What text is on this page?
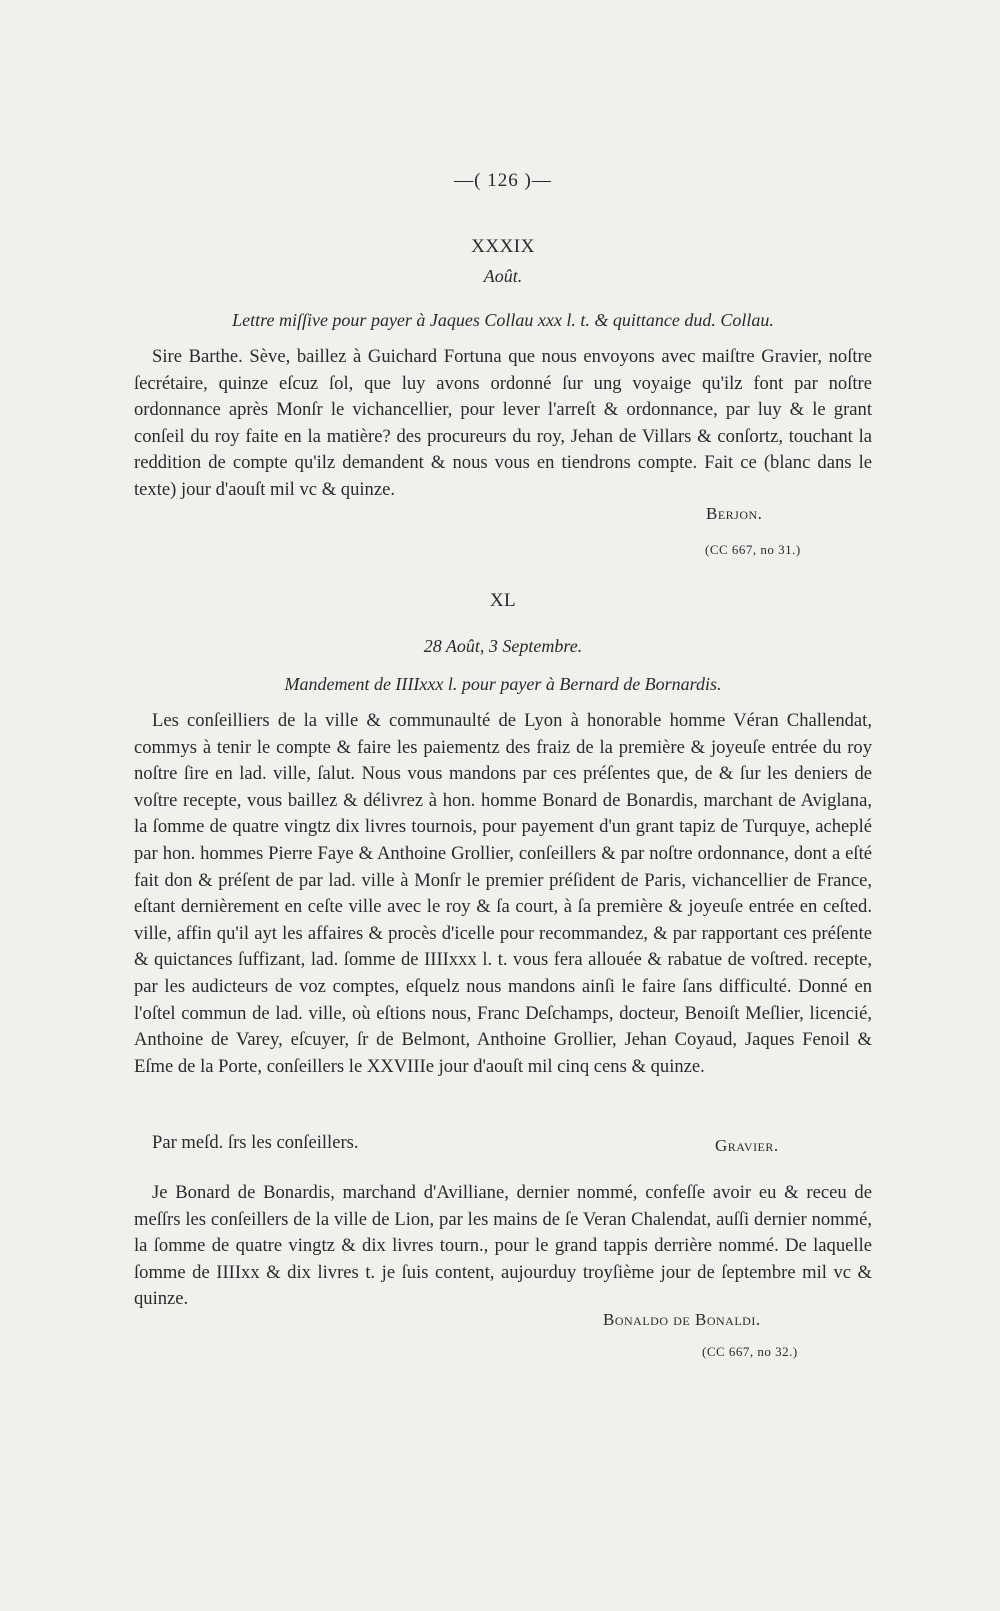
—( 126 )—
XXXIX
Août.
Lettre miſſive pour payer à Jaques Collau xxx l. t. & quittance dud. Collau.

Sire Barthe. Sève, baillez à Guichard Fortuna que nous envoyons avec maiſtre Gravier, noſtre ſecrétaire, quinze eſcuz ſol, que luy avons ordonné ſur ung voyaige qu'ilz font par noſtre ordonnance après Monſr le vichancellier, pour lever l'arreſt & ordonnance, par luy & le grant conſeil du roy faite en la matière? des procureurs du roy, Jehan de Villars & conſortz, touchant la reddition de compte qu'ilz demandent & nous vous en tiendrons compte. Fait ce (blanc dans le texte) jour d'aouſt mil vc & quinze.

Berjon.
(CC 667, no 31.)
XL
28 Août, 3 Septembre.
Mandement de IIIIxxx l. pour payer à Bernard de Bornardis.

Les conſeilliers de la ville & communaulté de Lyon à honorable homme Véran Challendat, commys à tenir le compte & faire les paiementz des fraiz de la première & joyeuſe entrée du roy noſtre ſire en lad. ville, ſalut. Nous vous mandons par ces préſentes que, de & ſur les deniers de voſtre recepte, vous baillez & délivrez à hon. homme Bonard de Bonardis, marchant de Aviglana, la ſomme de quatre vingtz dix livres tournois, pour payement d'un grant tapiz de Turquye, acheplé par hon. hommes Pierre Faye & Anthoine Grollier, conſeillers & par noſtre ordonnance, dont a eſté fait don & préſent de par lad. ville à Monſr le premier préſident de Paris, vichancellier de France, eſtant dernièrement en ceſte ville avec le roy & ſa court, à ſa première & joyeuſe entrée en ceſted. ville, affin qu'il ayt les affaires & procès d'icelle pour recommandez, & par rapportant ces préſente & quictances ſuffizant, lad. ſomme de IIIIxxx l. t. vous fera allouée & rabatue de voſtred. recepte, par les audicteurs de voz comptes, eſquelz nous mandons ainſi le faire ſans difficulté. Donné en l'oſtel commun de lad. ville, où eſtions nous, Franc Deſchamps, docteur, Benoiſt Meſlier, licencié, Anthoine de Varey, eſcuyer, ſr de Belmont, Anthoine Grollier, Jehan Coyaud, Jaques Fenoil & Eſme de la Porte, conſeillers le XXVIIIe jour d'aouſt mil cinq cens & quinze.

Par meſd. ſrs les conſeillers.	Gravier.

Je Bonard de Bonardis, marchand d'Avilliane, dernier nommé, confeſſe avoir eu & receu de meſſrs les conſeillers de la ville de Lion, par les mains de ſe Veran Chalendat, auſſi dernier nommé, la ſomme de quatre vingtz & dix livres tourn., pour le grand tappis derrière nommé. De laquelle ſomme de IIIIxx & dix livres t. je ſuis content, aujourduy troyſième jour de ſeptembre mil vc & quinze.

Bonaldo de Bonaldi.
(CC 667, no 32.)
